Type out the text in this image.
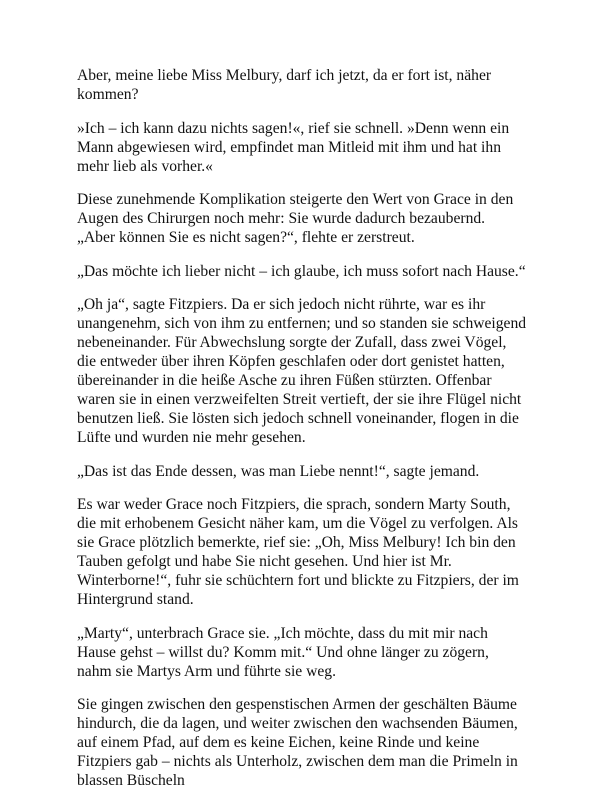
Aber, meine liebe Miss Melbury, darf ich jetzt, da er fort ist, näher kommen?

»Ich – ich kann dazu nichts sagen!«, rief sie schnell. »Denn wenn ein Mann abgewiesen wird, empfindet man Mitleid mit ihm und hat ihn mehr lieb als vorher.«

Diese zunehmende Komplikation steigerte den Wert von Grace in den Augen des Chirurgen noch mehr: Sie wurde dadurch bezaubernd. „Aber können Sie es nicht sagen?“, flehte er zerstreut.

„Das möchte ich lieber nicht – ich glaube, ich muss sofort nach Hause.“

„Oh ja“, sagte Fitzpiers. Da er sich jedoch nicht rührte, war es ihr unangenehm, sich von ihm zu entfernen; und so standen sie schweigend nebeneinander. Für Abwechslung sorgte der Zufall, dass zwei Vögel, die entweder über ihren Köpfen geschlafen oder dort genistet hatten, übereinander in die heiße Asche zu ihren Füßen stürzten. Offenbar waren sie in einen verzweifelten Streit vertieft, der sie ihre Flügel nicht benutzen ließ. Sie lösten sich jedoch schnell voneinander, flogen in die Lüfte und wurden nie mehr gesehen.

„Das ist das Ende dessen, was man Liebe nennt!“, sagte jemand.

Es war weder Grace noch Fitzpiers, die sprach, sondern Marty South, die mit erhobenem Gesicht näher kam, um die Vögel zu verfolgen. Als sie Grace plötzlich bemerkte, rief sie: „Oh, Miss Melbury! Ich bin den Tauben gefolgt und habe Sie nicht gesehen. Und hier ist Mr. Winterborne!“, fuhr sie schüchtern fort und blickte zu Fitzpiers, der im Hintergrund stand.

„Marty“, unterbrach Grace sie. „Ich möchte, dass du mit mir nach Hause gehst – willst du? Komm mit.“ Und ohne länger zu zögern, nahm sie Martys Arm und führte sie weg.

Sie gingen zwischen den gespenstischen Armen der geschälten Bäume hindurch, die da lagen, und weiter zwischen den wachsenden Bäumen, auf einem Pfad, auf dem es keine Eichen, keine Rinde und keine Fitzpiers gab – nichts als Unterholz, zwischen dem man die Primeln in blassen Büscheln
